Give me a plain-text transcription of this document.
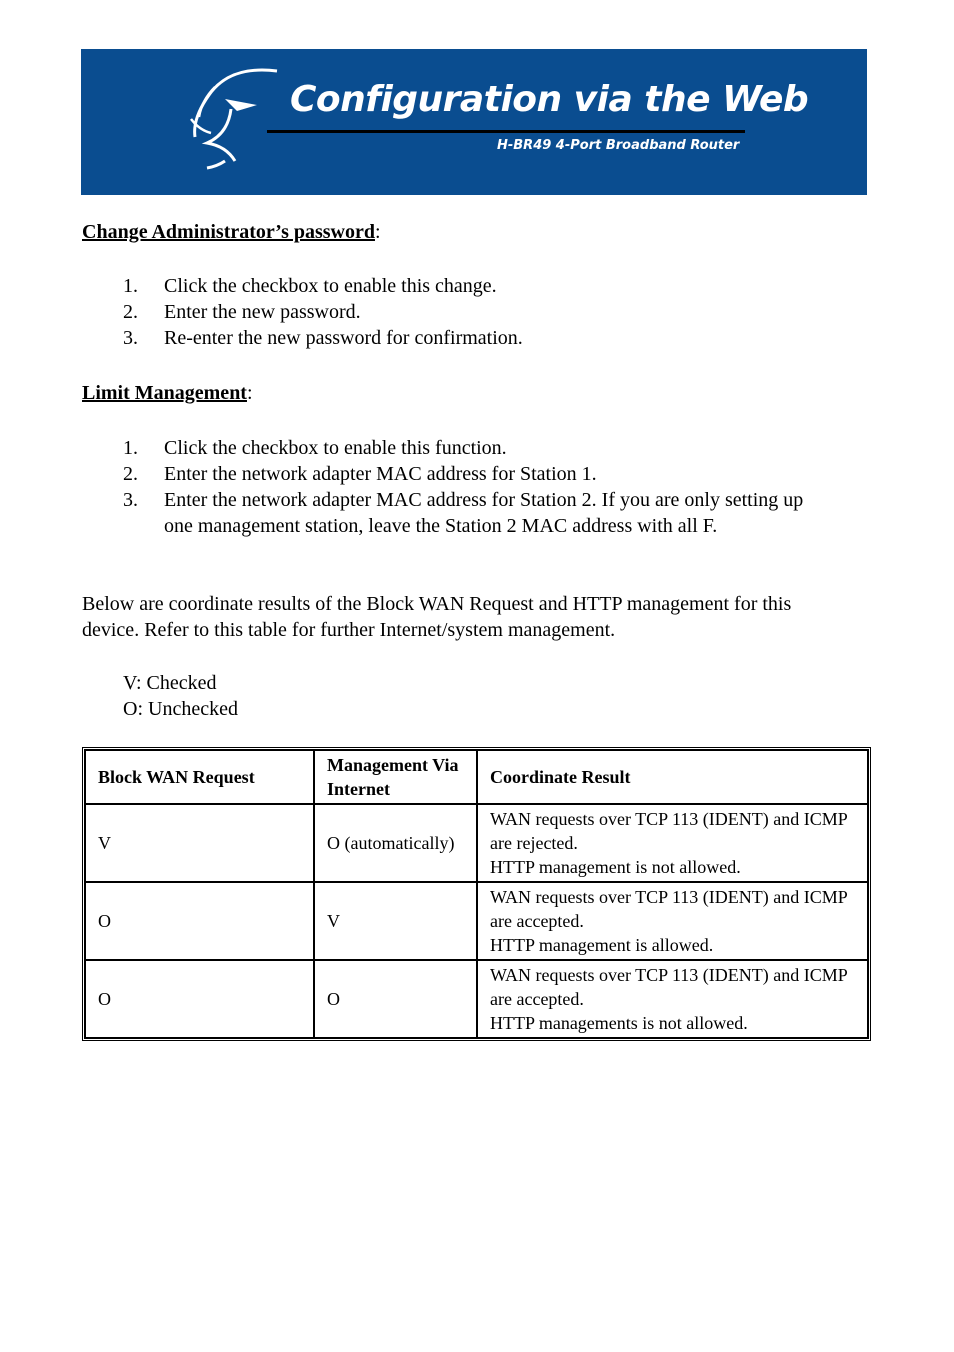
Configuration via the Web
H-BR49 4-Port Broadband Router
Change Administrator’s password:
1. Click the checkbox to enable this change.
2. Enter the new password.
3. Re-enter the new password for confirmation.
Limit Management:
1. Click the checkbox to enable this function.
2. Enter the network adapter MAC address for Station 1.
3. Enter the network adapter MAC address for Station 2. If you are only setting up one management station, leave the Station 2 MAC address with all F.
Below are coordinate results of the Block WAN Request and HTTP management for this device. Refer to this table for further Internet/system management.
V: Checked
O: Unchecked
Block WAN Request	Management Via Internet	Coordinate Result
V	O (automatically)	WAN requests over TCP 113 (IDENT) and ICMP are rejected.
HTTP management is not allowed.

O	V	WAN requests over TCP 113 (IDENT) and ICMP are accepted.
HTTP management is allowed.

O	O	WAN requests over TCP 113 (IDENT) and ICMP are accepted.
HTTP managements is not allowed.
